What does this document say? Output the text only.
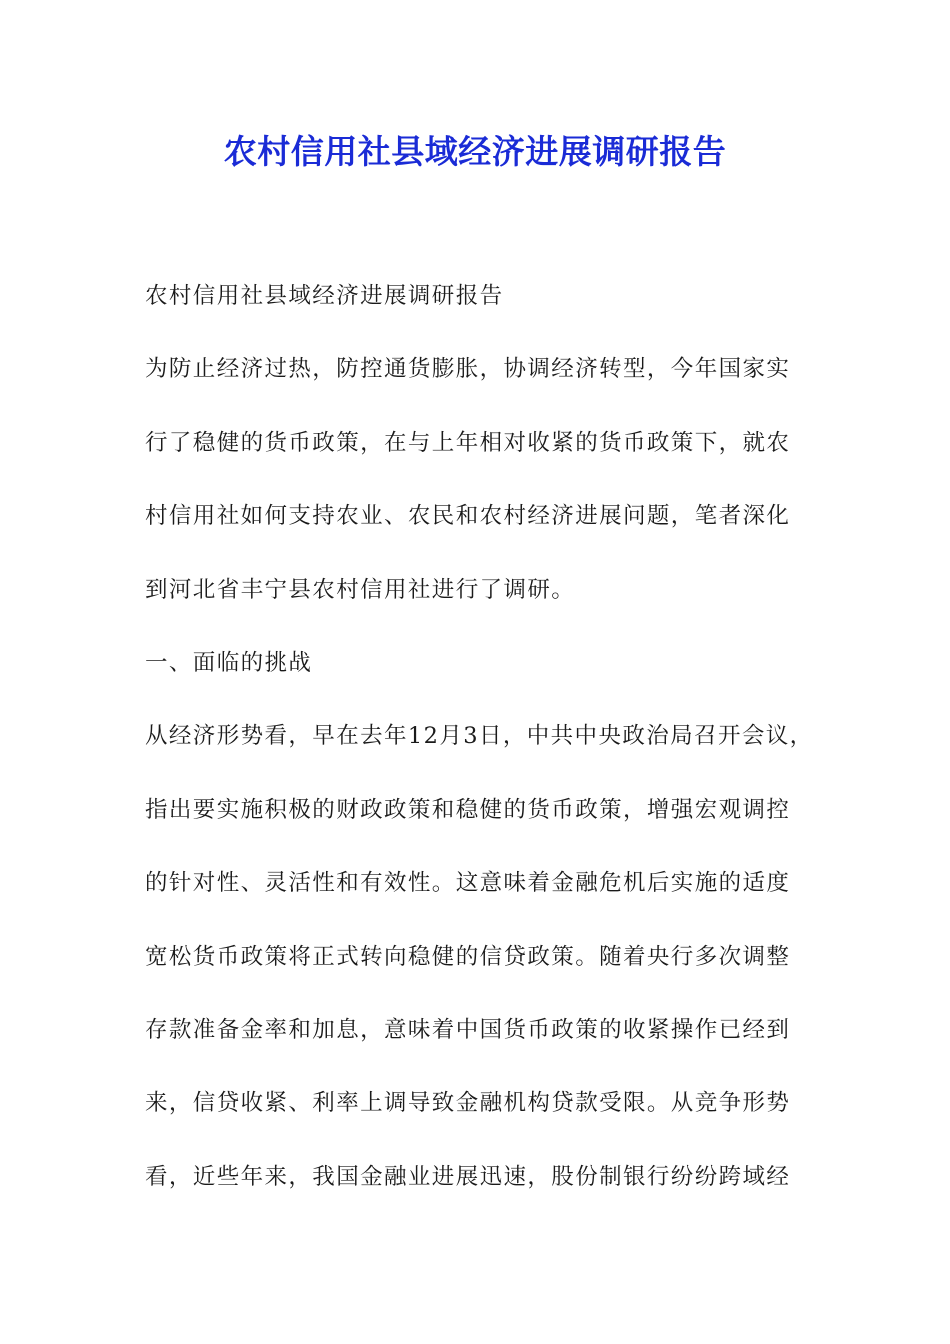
农村信用社县域经济进展调研报告

农村信用社县域经济进展调研报告

为防止经济过热，防控通货膨胀，协调经济转型，今年国家实

行了稳健的货币政策，在与上年相对收紧的货币政策下，就农

村信用社如何支持农业、农民和农村经济进展问题，笔者深化

到河北省丰宁县农村信用社进行了调研。

一、面临的挑战

从经济形势看，早在去年12月3日，中共中央政治局召开会议，

指出要实施积极的财政政策和稳健的货币政策，增强宏观调控

的针对性、灵活性和有效性。这意味着金融危机后实施的适度

宽松货币政策将正式转向稳健的信贷政策。随着央行多次调整

存款准备金率和加息，意味着中国货币政策的收紧操作已经到

来，信贷收紧、利率上调导致金融机构贷款受限。从竞争形势

看，近些年来，我国金融业进展迅速，股份制银行纷纷跨域经
